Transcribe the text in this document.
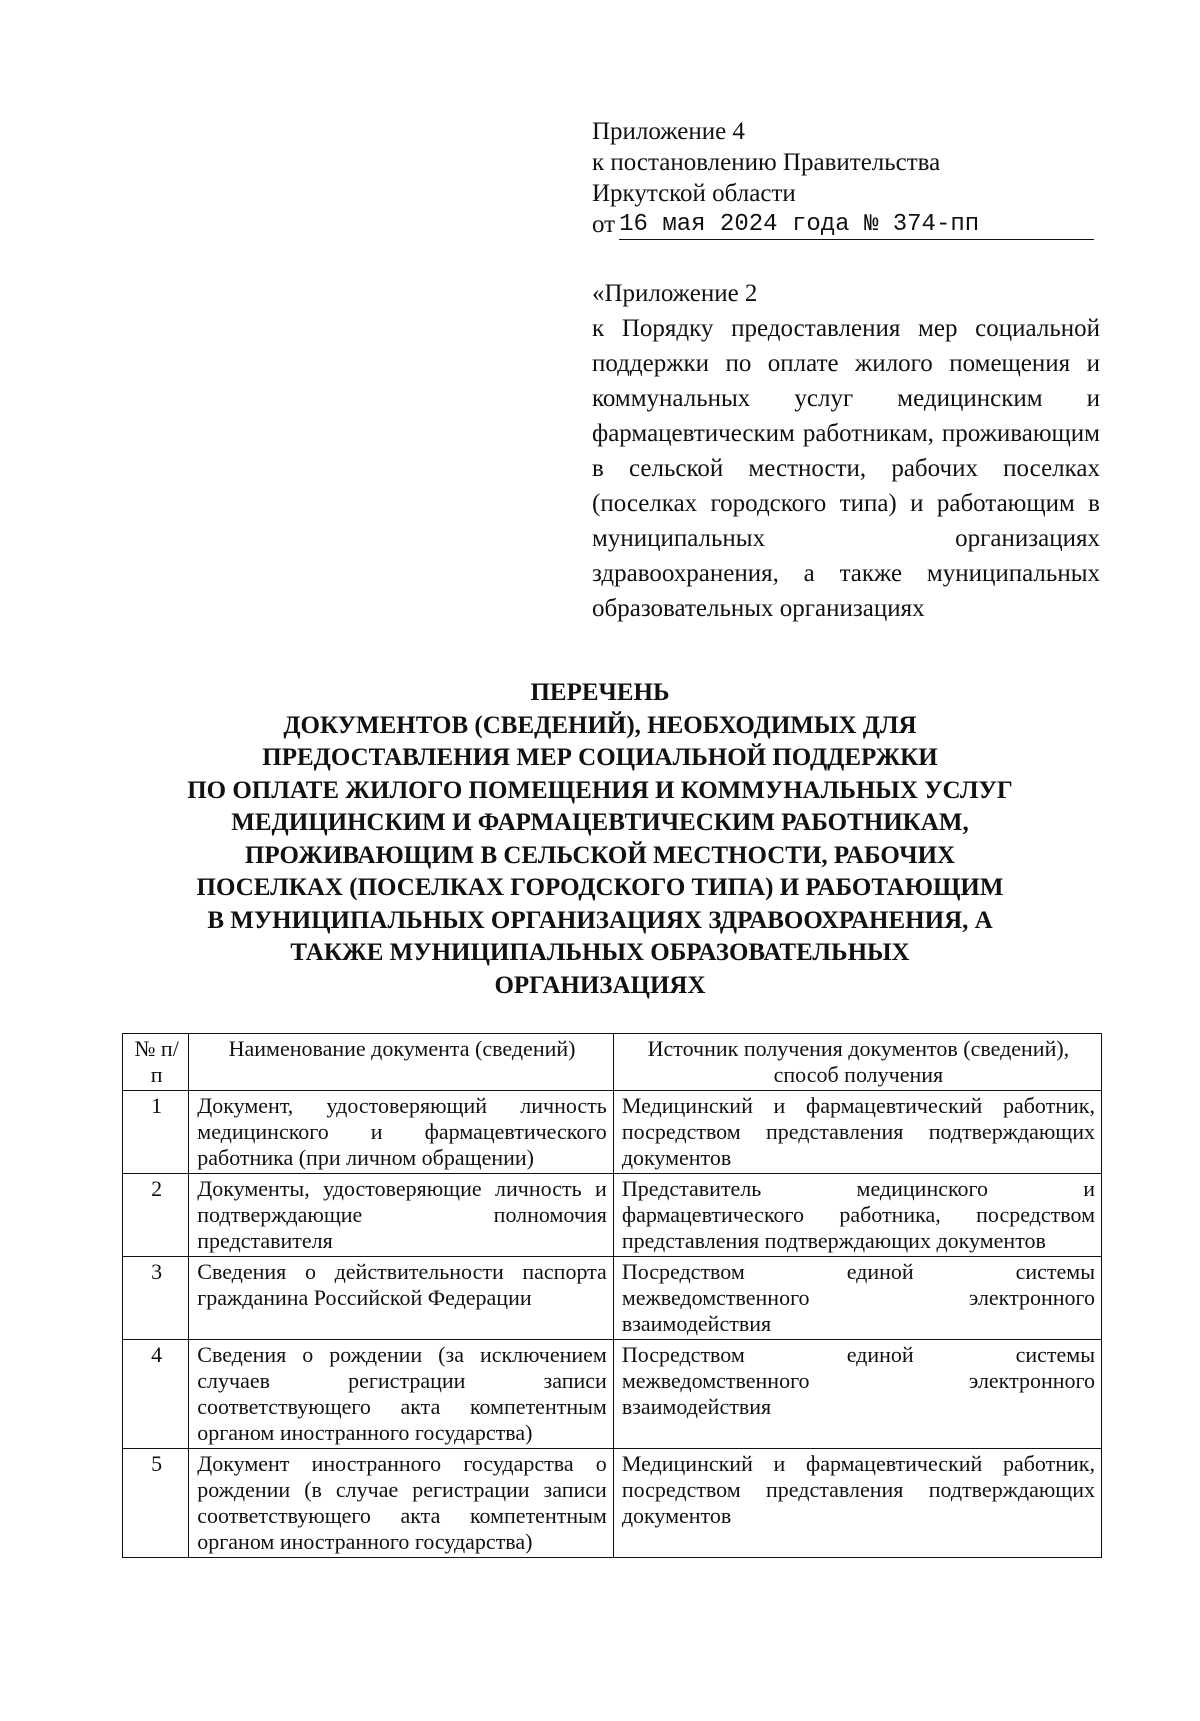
Приложение 4
к постановлению Правительства
Иркутской области
от 16 мая 2024 года № 374-пп
«Приложение 2
к Порядку предоставления мер социальной поддержки по оплате жилого помещения и коммунальных услуг медицинским и фармацевтическим работникам, проживающим в сельской местности, рабочих поселках (поселках городского типа) и работающим в муниципальных организациях здравоохранения, а также муниципальных образовательных организациях
ПЕРЕЧЕНЬ
ДОКУМЕНТОВ (СВЕДЕНИЙ), НЕОБХОДИМЫХ ДЛЯ
ПРЕДОСТАВЛЕНИЯ МЕР СОЦИАЛЬНОЙ ПОДДЕРЖКИ
ПО ОПЛАТЕ ЖИЛОГО ПОМЕЩЕНИЯ И КОММУНАЛЬНЫХ УСЛУГ
МЕДИЦИНСКИМ И ФАРМАЦЕВТИЧЕСКИМ РАБОТНИКАМ,
ПРОЖИВАЮЩИМ В СЕЛЬСКОЙ МЕСТНОСТИ, РАБОЧИХ
ПОСЕЛКАХ (ПОСЕЛКАХ ГОРОДСКОГО ТИПА) И РАБОТАЮЩИМ
В МУНИЦИПАЛЬНЫХ ОРГАНИЗАЦИЯХ ЗДРАВООХРАНЕНИЯ, А
ТАКЖЕ МУНИЦИПАЛЬНЫХ ОБРАЗОВАТЕЛЬНЫХ
ОРГАНИЗАЦИЯХ
№ п/п	Наименование документа (сведений)	Источник получения документов (сведений), способ получения
1	Документ, удостоверяющий личность медицинского и фармацевтического работника (при личном обращении)	Медицинский и фармацевтический работник, посредством представления подтверждающих документов
2	Документы, удостоверяющие личность и подтверждающие полномочия представителя	Представитель медицинского и фармацевтического работника, посредством представления подтверждающих документов
3	Сведения о действительности паспорта гражданина Российской Федерации	Посредством единой системы межведомственного электронного взаимодействия
4	Сведения о рождении (за исключением случаев регистрации записи соответствующего акта компетентным органом иностранного государства)	Посредством единой системы межведомственного электронного взаимодействия
5	Документ иностранного государства о рождении (в случае регистрации записи соответствующего акта компетентным органом иностранного государства)	Медицинский и фармацевтический работник, посредством представления подтверждающих документов
